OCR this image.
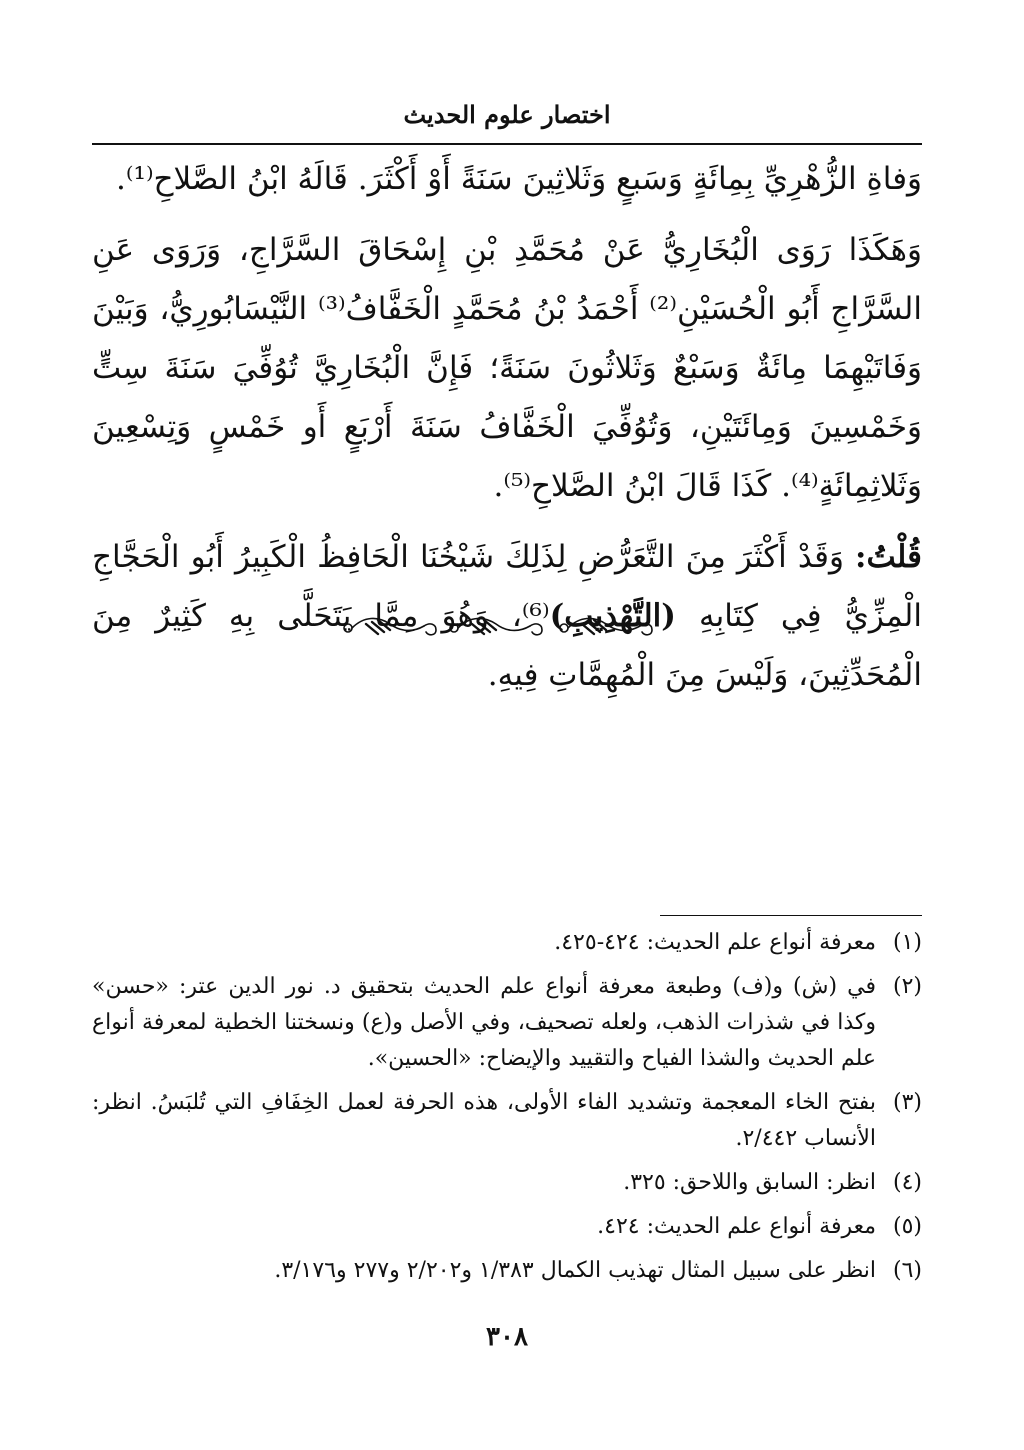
اختصار علوم الحديث

وَفاةِ الزُّهْرِيِّ بِمِائَةٍ وَسَبعٍ وَثَلاثِينَ سَنَةً أَوْ أَكْثَرَ. قَالَهُ ابْنُ الصَّلاحِ⁽¹⁾.

وَهَكَذَا رَوَى الْبُخَارِيُّ عَنْ مُحَمَّدِ بْنِ إِسْحَاقَ السَّرَّاجِ، وَرَوَى عَنِ السَّرَّاجِ أَبُو الْحُسَيْنِ⁽²⁾ أَحْمَدُ بْنُ مُحَمَّدٍ الْخَفَّافُ⁽³⁾ النَّيْسَابُورِيُّ، وَبَيْنَ وَفَاتَيْهِمَا مِائَةٌ وَسَبْعٌ وَثَلاثُونَ سَنَةً؛ فَإِنَّ الْبُخَارِيَّ تُوُفِّيَ سَنَةَ سِتٍّ وَخَمْسِينَ وَمِائَتَيْنِ، وَتُوُفِّيَ الْخَفَّافُ سَنَةَ أَرْبَعٍ أَو خَمْسٍ وَتِسْعِينَ وَثَلاثِمِائَةٍ⁽⁴⁾. كَذَا قَالَ ابْنُ الصَّلاحِ⁽⁵⁾.

قُلْتُ: وَقَدْ أَكْثَرَ مِنَ التَّعَرُّضِ لِذَلِكَ شَيْخُنَا الْحَافِظُ الْكَبِيرُ أَبُو الْحَجَّاجِ الْمِزِّيُّ فِي كِتَابِهِ (التَّهْذِيبِ)⁽⁶⁾، وَهُوَ مِمَّا يَتَحَلَّى بِهِ كَثِيرٌ مِنَ الْمُحَدِّثِينَ، وَلَيْسَ مِنَ الْمُهِمَّاتِ فِيهِ.

(١)
معرفة أنواع علم الحديث: ٤٢٤-٤٢٥.
(٢)
في (ش) و(ف) وطبعة معرفة أنواع علم الحديث بتحقيق د. نور الدين عتر: «حسن» وكذا في شذرات الذهب، ولعله تصحيف، وفي الأصل و(ع) ونسختنا الخطية لمعرفة أنواع علم الحديث والشذا الفياح والتقييد والإيضاح: «الحسين».
(٣)
بفتح الخاء المعجمة وتشديد الفاء الأولى، هذه الحرفة لعمل الخِفَافِ التي تُلبَسُ. انظر: الأنساب ٢/٤٤٢.
(٤)
انظر: السابق واللاحق: ٣٢٥.
(٥)
معرفة أنواع علم الحديث: ٤٢٤.
(٦)
انظر على سبيل المثال تهذيب الكمال ١/٣٨٣ و٢/٢٠٢ و٢٧٧ و٣/١٧٦.
٣٠٨
